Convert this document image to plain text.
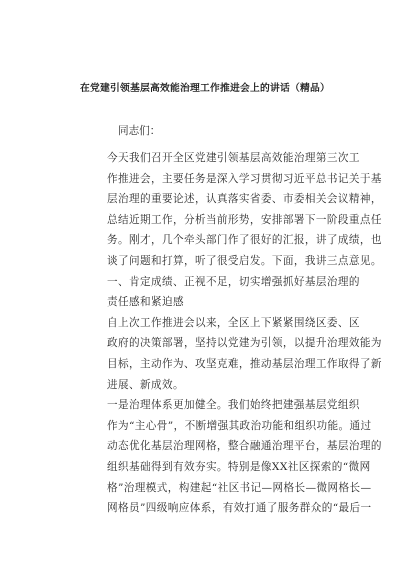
在党建引领基层高效能治理工作推进会上的讲话（精品）
同志们：

今天我们召开全区党建引领基层高效能治理第三次工
作推进会，主要任务是深入学习贯彻习近平总书记关于基
层治理的重要论述，认真落实省委、市委相关会议精神，
总结近期工作，分析当前形势，安排部署下一阶段重点任
务。刚才，几个牵头部门作了很好的汇报，讲了成绩，也
谈了问题和打算，听了很受启发。下面，我讲三点意见。

一、肯定成绩、正视不足，切实增强抓好基层治理的
责任感和紧迫感

自上次工作推进会以来，全区上下紧紧围绕区委、区
政府的决策部署，坚持以党建为引领，以提升治理效能为
目标，主动作为、攻坚克难，推动基层治理工作取得了新
进展、新成效。

一是治理体系更加健全。我们始终把建强基层党组织
作为“主心骨”，不断增强其政治功能和组织功能。通过
动态优化基层治理网格，整合融通治理平台，基层治理的
组织基础得到有效夯实。特别是像XX社区探索的“微网
格”治理模式，构建起“社区书记—网格长—微网格长—
网格员”四级响应体系，有效打通了服务群众的“最后一
